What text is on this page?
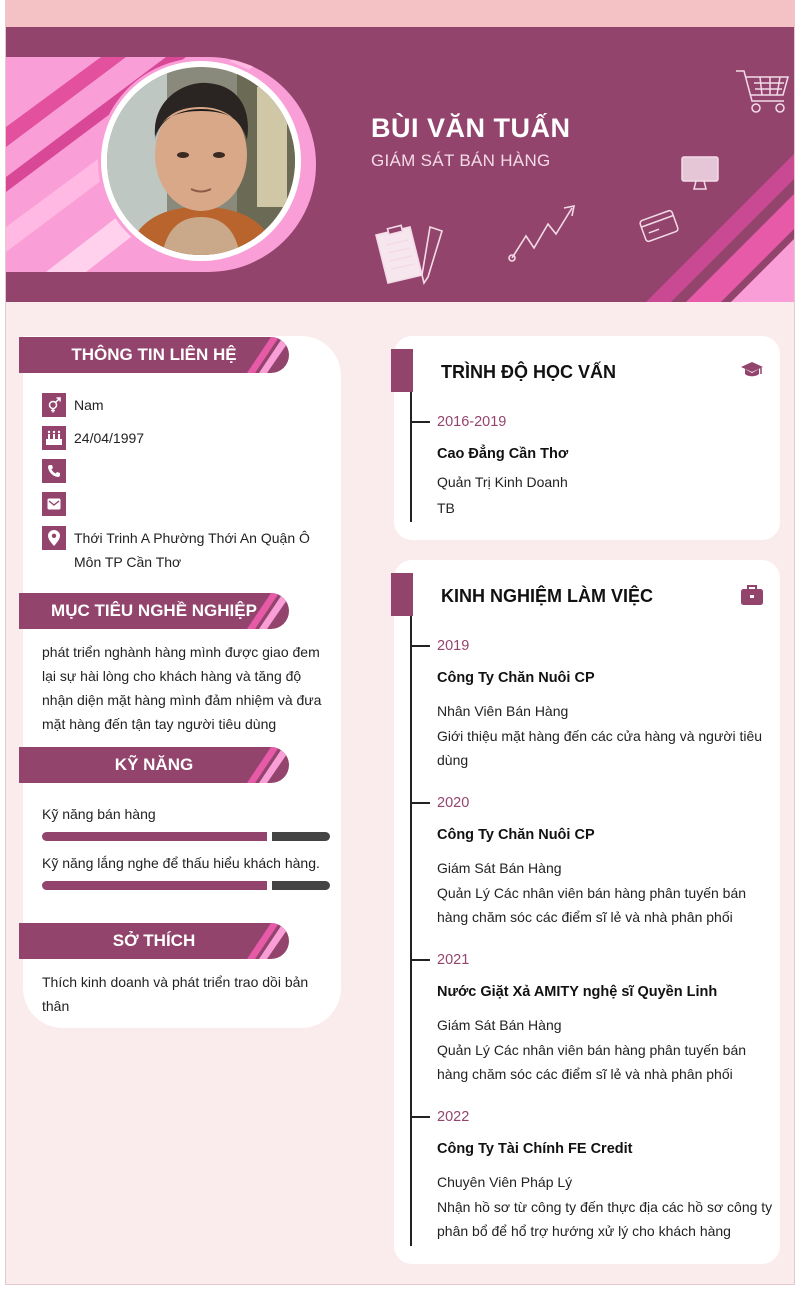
BÙI VĂN TUẤN
GIÁM SÁT BÁN HÀNG
THÔNG TIN LIÊN HỆ
Nam
24/04/1997
Thới Trinh A Phường Thới An Quận Ô Môn TP Cần Thơ
MỤC TIÊU NGHỀ NGHIỆP
phát triển nghành hàng mình được giao đem lại sự hài lòng cho khách hàng và tăng độ nhận diện mặt hàng mình đảm nhiệm và đưa mặt hàng đến tận tay người tiêu dùng
KỸ NĂNG
Kỹ năng bán hàng
Kỹ năng lắng nghe để thấu hiểu khách hàng.
SỞ THÍCH
Thích kinh doanh và phát triển trao dồi bản thân
TRÌNH ĐỘ HỌC VẤN
2016-2019
Cao Đẳng Cần Thơ
Quản Trị Kinh Doanh
TB
KINH NGHIỆM LÀM VIỆC
2019
Công Ty Chăn Nuôi CP
Nhân Viên Bán Hàng
Giới thiệu mặt hàng đến các cửa hàng và người tiêu dùng
2020
Công Ty Chăn Nuôi CP
Giám Sát Bán Hàng
Quản Lý Các nhân viên bán hàng phân tuyến bán hàng chăm sóc các điểm sĩ lẻ và nhà phân phối
2021
Nước Giặt Xả AMITY nghệ sĩ Quyền Linh
Giám Sát Bán Hàng
Quản Lý Các nhân viên bán hàng phân tuyến bán hàng chăm sóc các điểm sĩ lẻ và nhà phân phối
2022
Công Ty Tài Chính FE Credit
Chuyên Viên Pháp Lý
Nhận hồ sơ từ công ty đến thực địa các hồ sơ công ty phân bổ để hổ trợ hướng xử lý cho khách hàng
